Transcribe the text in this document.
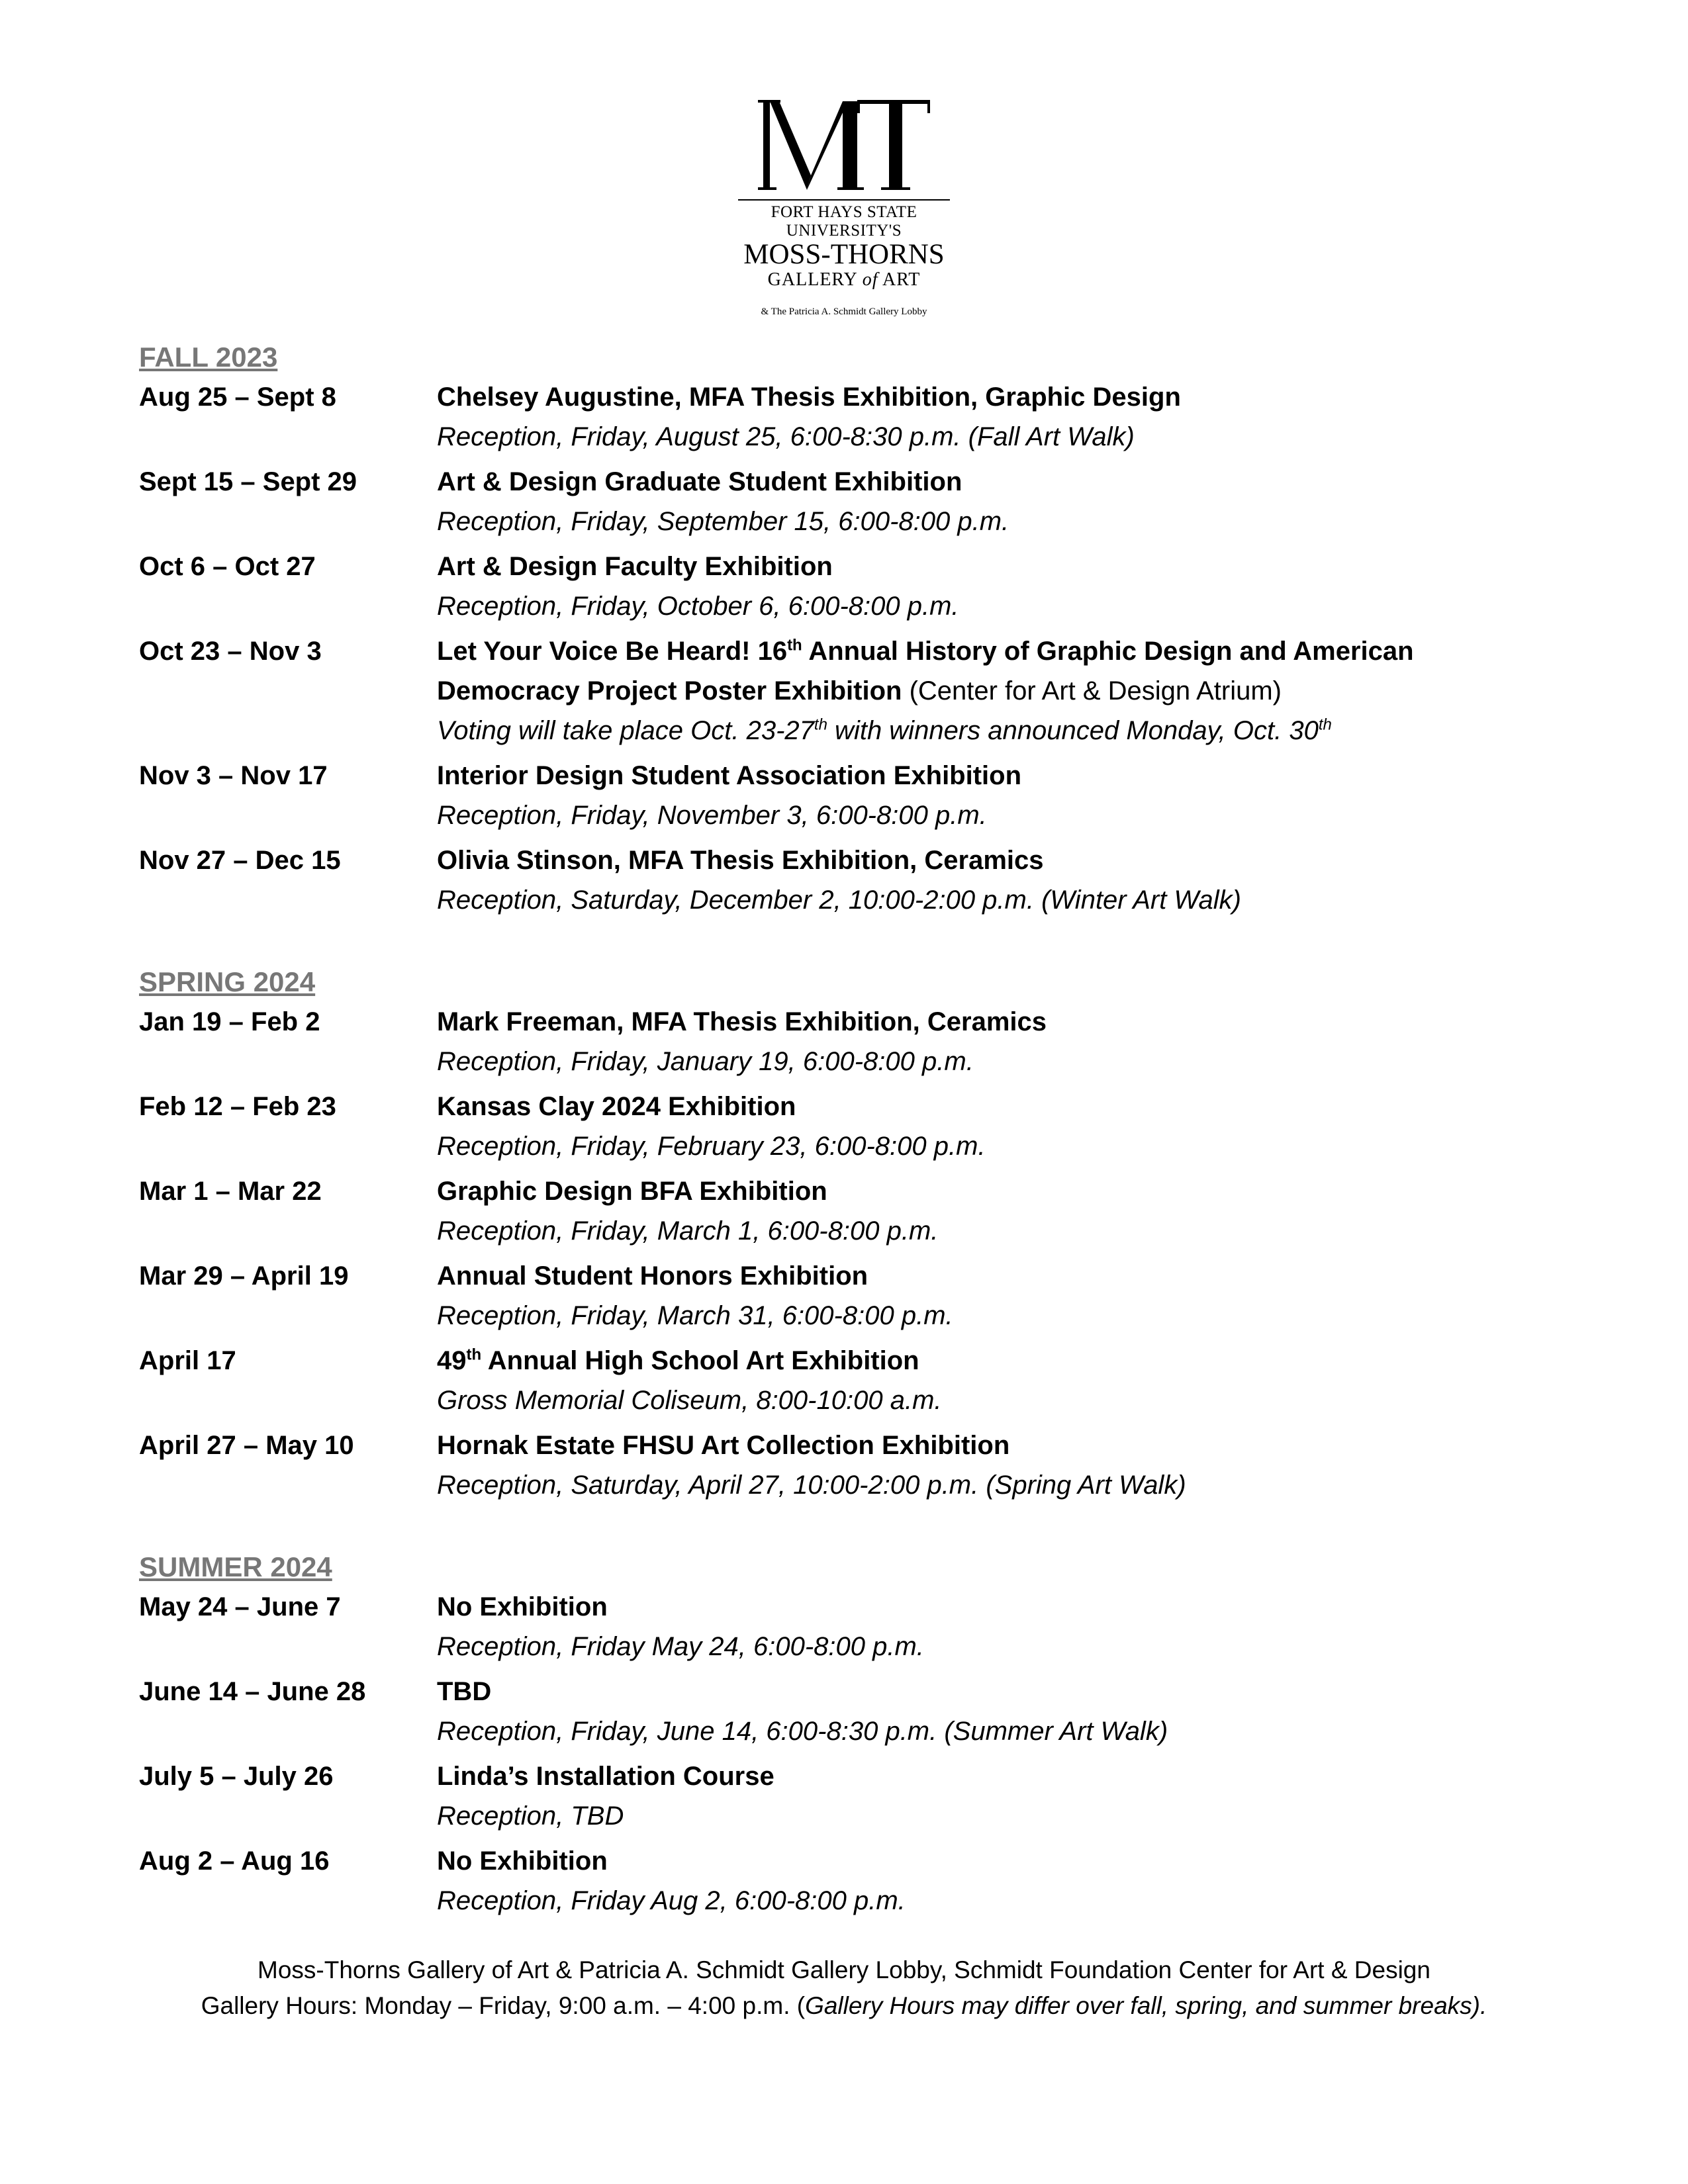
FORT HAYS STATE UNIVERSITY'S
MOSS-THORNS
GALLERY of ART
& The Patricia A. Schmidt Gallery Lobby
FALL 2023
Aug 25 – Sept 8	Chelsey Augustine, MFA Thesis Exhibition, Graphic Design
Reception, Friday, August 25, 6:00-8:30 p.m. (Fall Art Walk)
Sept 15 – Sept 29	Art & Design Graduate Student Exhibition
Reception, Friday, September 15, 6:00-8:00 p.m.
Oct 6 – Oct 27	Art & Design Faculty Exhibition
Reception, Friday, October 6, 6:00-8:00 p.m.
Oct 23 – Nov 3	Let Your Voice Be Heard! 16th Annual History of Graphic Design and American
Democracy Project Poster Exhibition (Center for Art & Design Atrium)
Voting will take place Oct. 23-27th with winners announced Monday, Oct. 30th
Nov 3 – Nov 17	Interior Design Student Association Exhibition
Reception, Friday, November 3, 6:00-8:00 p.m.
Nov 27 – Dec 15	Olivia Stinson, MFA Thesis Exhibition, Ceramics
Reception, Saturday, December 2, 10:00-2:00 p.m. (Winter Art Walk)
SPRING 2024
Jan 19 – Feb 2	Mark Freeman, MFA Thesis Exhibition, Ceramics
Reception, Friday, January 19, 6:00-8:00 p.m.
Feb 12 – Feb 23	Kansas Clay 2024 Exhibition
Reception, Friday, February 23, 6:00-8:00 p.m.
Mar 1 – Mar 22	Graphic Design BFA Exhibition
Reception, Friday, March 1, 6:00-8:00 p.m.
Mar 29 – April 19	Annual Student Honors Exhibition
Reception, Friday, March 31, 6:00-8:00 p.m.
April 17	49th Annual High School Art Exhibition
Gross Memorial Coliseum, 8:00-10:00 a.m.
April 27 – May 10	Hornak Estate FHSU Art Collection Exhibition
Reception, Saturday, April 27, 10:00-2:00 p.m. (Spring Art Walk)
SUMMER 2024
May 24 – June 7	No Exhibition
Reception, Friday May 24, 6:00-8:00 p.m.
June 14 – June 28	TBD
Reception, Friday, June 14, 6:00-8:30 p.m. (Summer Art Walk)
July 5 – July 26	Linda’s Installation Course
Reception, TBD
Aug 2 – Aug 16	No Exhibition
Reception, Friday Aug 2, 6:00-8:00 p.m.
Moss-Thorns Gallery of Art & Patricia A. Schmidt Gallery Lobby, Schmidt Foundation Center for Art & Design
Gallery Hours: Monday – Friday, 9:00 a.m. – 4:00 p.m. (Gallery Hours may differ over fall, spring, and summer breaks).
